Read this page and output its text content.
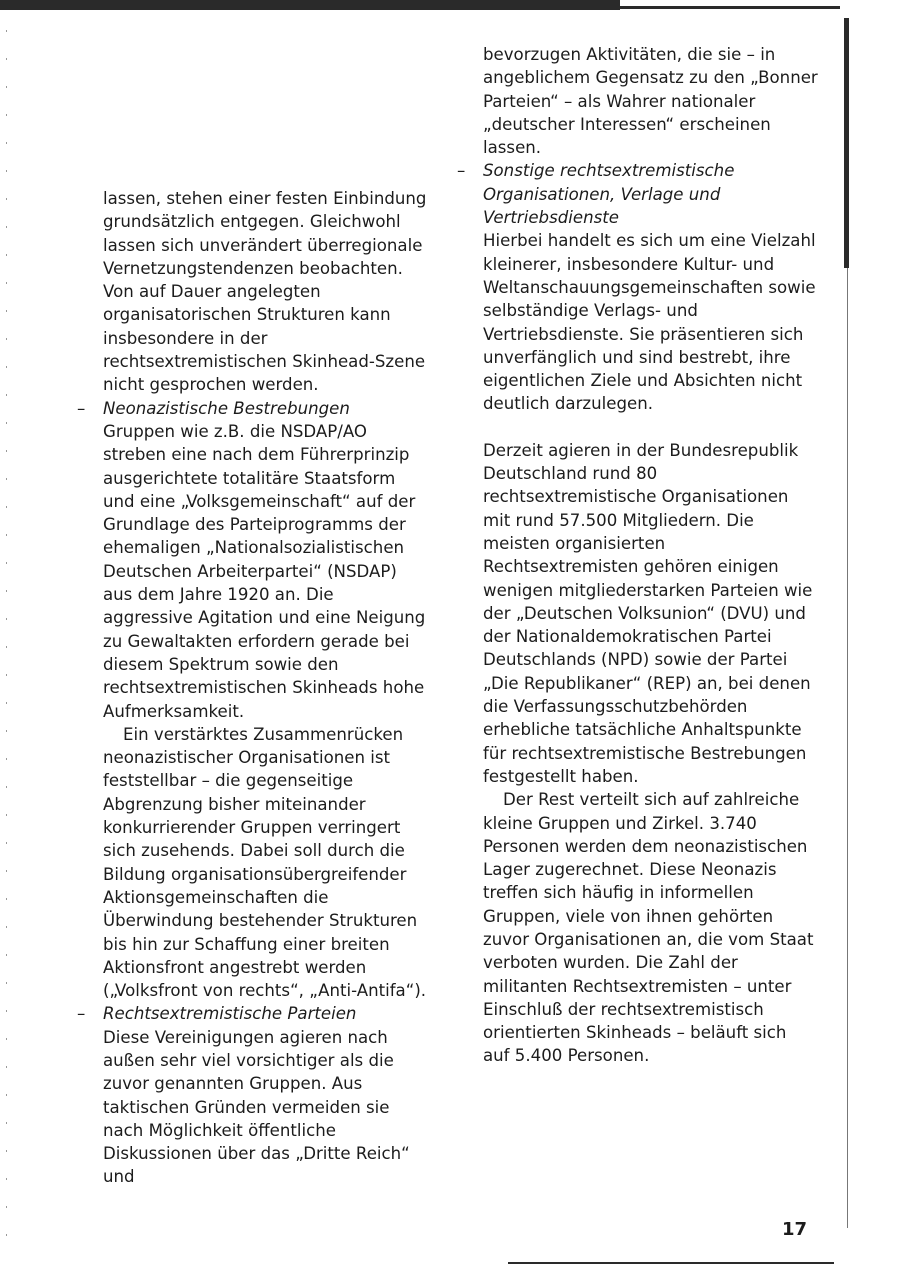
lassen, stehen einer festen Einbindung grundsätzlich entgegen. Gleichwohl lassen sich unverändert überregionale Vernetzungstendenzen beobachten. Von auf Dauer angelegten organisatorischen Strukturen kann insbesondere in der rechtsextremistischen Skinhead-Szene nicht gesprochen werden.

– Neonazistische Bestrebungen

Gruppen wie z.B. die NSDAP/AO streben eine nach dem Führerprinzip ausgerichtete totalitäre Staatsform und eine „Volksgemeinschaft“ auf der Grundlage des Parteiprogramms der ehemaligen „Nationalsozialistischen Deutschen Arbeiterpartei“ (NSDAP) aus dem Jahre 1920 an. Die aggressive Agitation und eine Neigung zu Gewaltakten erfordern gerade bei diesem Spektrum sowie den rechtsextremistischen Skinheads hohe Aufmerksamkeit.

Ein verstärktes Zusammenrücken neonazistischer Organisationen ist feststellbar – die gegenseitige Abgrenzung bisher miteinander konkurrierender Gruppen verringert sich zusehends. Dabei soll durch die Bildung organisationsübergreifender Aktionsgemeinschaften die Überwindung bestehender Strukturen bis hin zur Schaffung einer breiten Aktionsfront angestrebt werden („Volksfront von rechts“, „Anti-Antifa“).

– Rechtsextremistische Parteien

Diese Vereinigungen agieren nach außen sehr viel vorsichtiger als die zuvor genannten Gruppen. Aus taktischen Gründen vermeiden sie nach Möglichkeit öffentliche Diskussionen über das „Dritte Reich“ und

bevorzugen Aktivitäten, die sie – in angeblichem Gegensatz zu den „Bonner Parteien“ – als Wahrer nationaler „deutscher Interessen“ erscheinen lassen.

– Sonstige rechtsextremistische Organisationen, Verlage und Vertriebsdienste

Hierbei handelt es sich um eine Vielzahl kleinerer, insbesondere Kultur- und Weltanschauungsgemeinschaften sowie selbständige Verlags- und Vertriebsdienste. Sie präsentieren sich unverfänglich und sind bestrebt, ihre eigentlichen Ziele und Absichten nicht deutlich darzulegen.

Derzeit agieren in der Bundesrepublik Deutschland rund 80 rechtsextremistische Organisationen mit rund 57.500 Mitgliedern. Die meisten organisierten Rechtsextremisten gehören einigen wenigen mitgliederstarken Parteien wie der „Deutschen Volksunion“ (DVU) und der Nationaldemokratischen Partei Deutschlands (NPD) sowie der Partei „Die Republikaner“ (REP) an, bei denen die Verfassungsschutzbehörden erhebliche tatsächliche Anhaltspunkte für rechtsextremistische Bestrebungen festgestellt haben.

Der Rest verteilt sich auf zahlreiche kleine Gruppen und Zirkel. 3.740 Personen werden dem neonazistischen Lager zugerechnet. Diese Neonazis treffen sich häufig in informellen Gruppen, viele von ihnen gehörten zuvor Organisationen an, die vom Staat verboten wurden. Die Zahl der militanten Rechtsextremisten – unter Einschluß der rechtsextremistisch orientierten Skinheads – beläuft sich auf 5.400 Personen.

17
